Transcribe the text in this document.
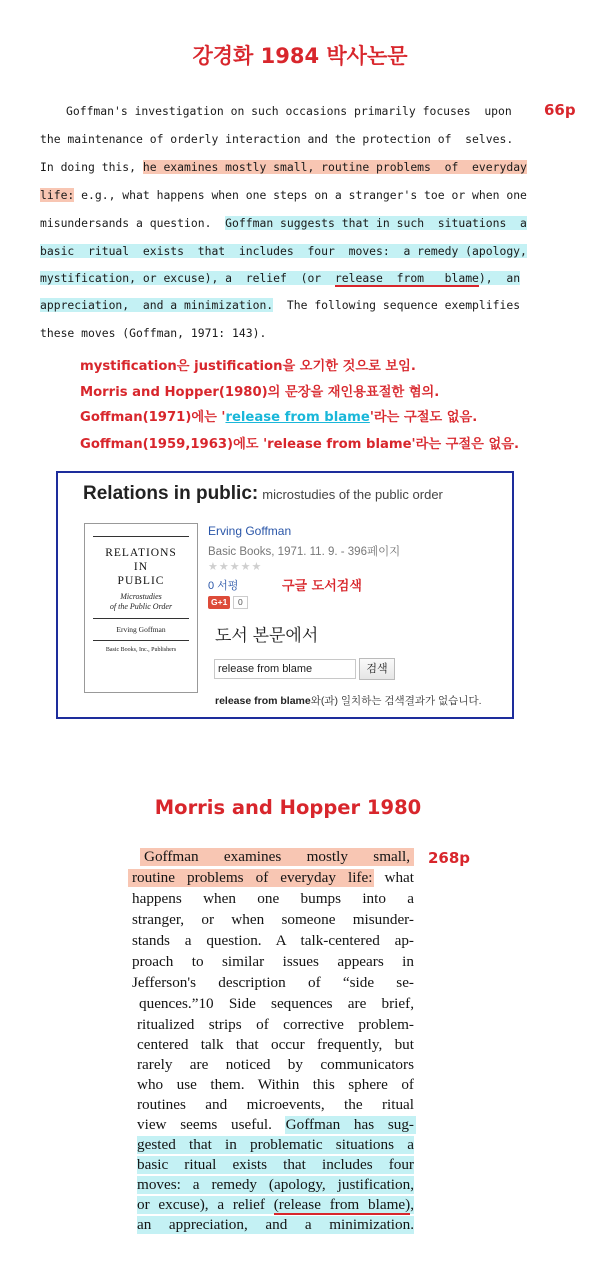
강경화 1984 박사논문
66p
Goffman's investigation on such occasions primarily focuses  upon
the maintenance of orderly interaction and the protection of  selves.
In doing this, he examines mostly small, routine problems  of  everyday
life: e.g., what happens when one steps on a stranger's toe or when one
misundersands a question.  Goffman suggests that in such  situations  a
basic  ritual  exists  that  includes  four  moves:  a remedy (apology,
mystification, or excuse), a  relief  (or  release  from   blame),  an
appreciation,  and a minimization.  The following sequence exemplifies
these moves (Goffman, 1971: 143).
mystification은 justification을 오기한 것으로 보임.
Morris and Hopper(1980)의 문장을 재인용표절한 혐의.
Goffman(1971)에는 'release from blame'라는 구절도 없음.
Goffman(1959,1963)에도 'release from blame'라는 구절은 없음.
Relations in public: microstudies of the public order
RELATIONS
IN
PUBLIC
Microstudies
of the Public Order
Erving Goffman
Basic Books, Inc., Publishers
Erving Goffman
Basic Books, 1971. 11. 9. - 396페이지
★★★★★
0 서평	구글 도서검색
G+1	0
도서 본문에서
release from blame	검색
release from blame와(과) 일치하는 검색결과가 없습니다.
Morris and Hopper 1980
268p
Goffman examines mostly small,
routine problems of everyday life: what
happens when one bumps into a
stranger, or when someone misunder-
stands a question. A talk-centered ap-
proach to similar issues appears in
Jefferson's description of “side se-
quences.”10 Side sequences are brief,
ritualized strips of corrective problem-
centered talk that occur frequently, but
rarely are noticed by communicators
who use them. Within this sphere of
routines and microevents, the ritual
view seems useful. Goffman has sug-
gested that in problematic situations a
basic ritual exists that includes four
moves: a remedy (apology, justification,
or excuse), a relief (release from blame),
an appreciation, and a minimization.
